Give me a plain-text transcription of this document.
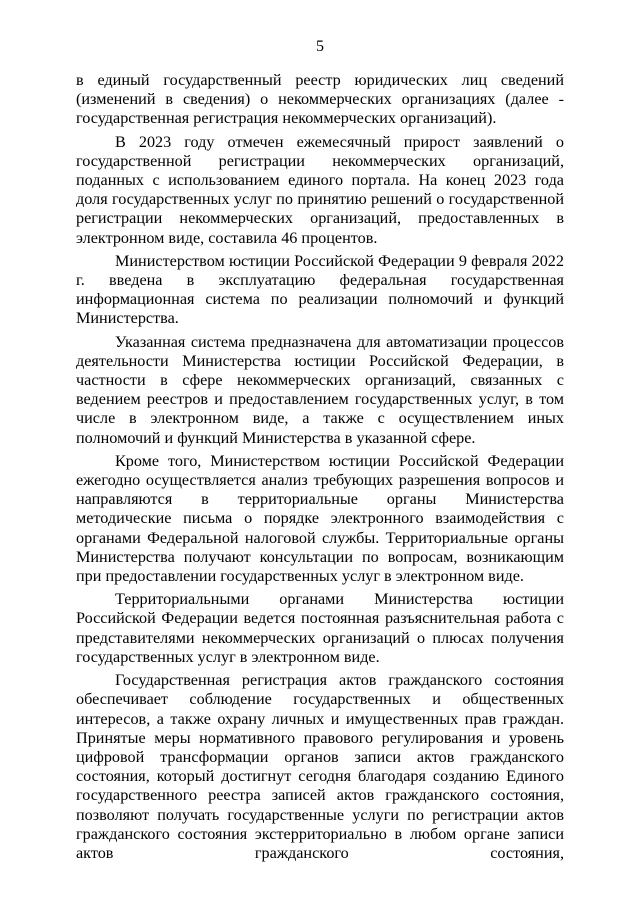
5

в единый государственный реестр юридических лиц сведений (изменений в сведения) о некоммерческих организациях (далее - государственная регистрация некоммерческих организаций).

В 2023 году отмечен ежемесячный прирост заявлений о государственной регистрации некоммерческих организаций, поданных с использованием единого портала. На конец 2023 года доля государственных услуг по принятию решений о государственной регистрации некоммерческих организаций, предоставленных в электронном виде, составила 46 процентов.

Министерством юстиции Российской Федерации 9 февраля 2022 г. введена в эксплуатацию федеральная государственная информационная система по реализации полномочий и функций Министерства.

Указанная система предназначена для автоматизации процессов деятельности Министерства юстиции Российской Федерации, в частности в сфере некоммерческих организаций, связанных с ведением реестров и предоставлением государственных услуг, в том числе в электронном виде, а также с осуществлением иных полномочий и функций Министерства в указанной сфере.

Кроме того, Министерством юстиции Российской Федерации ежегодно осуществляется анализ требующих разрешения вопросов и направляются в территориальные органы Министерства методические письма о порядке электронного взаимодействия с органами Федеральной налоговой службы. Территориальные органы Министерства получают консультации по вопросам, возникающим при предоставлении государственных услуг в электронном виде.

Территориальными органами Министерства юстиции Российской Федерации ведется постоянная разъяснительная работа с представителями некоммерческих организаций о плюсах получения государственных услуг в электронном виде.

Государственная регистрация актов гражданского состояния обеспечивает соблюдение государственных и общественных интересов, а также охрану личных и имущественных прав граждан. Принятые меры нормативного правового регулирования и уровень цифровой трансформации органов записи актов гражданского состояния, который достигнут сегодня благодаря созданию Единого государственного реестра записей актов гражданского состояния, позволяют получать государственные услуги по регистрации актов гражданского состояния экстерриториально в любом органе записи актов гражданского состояния,
